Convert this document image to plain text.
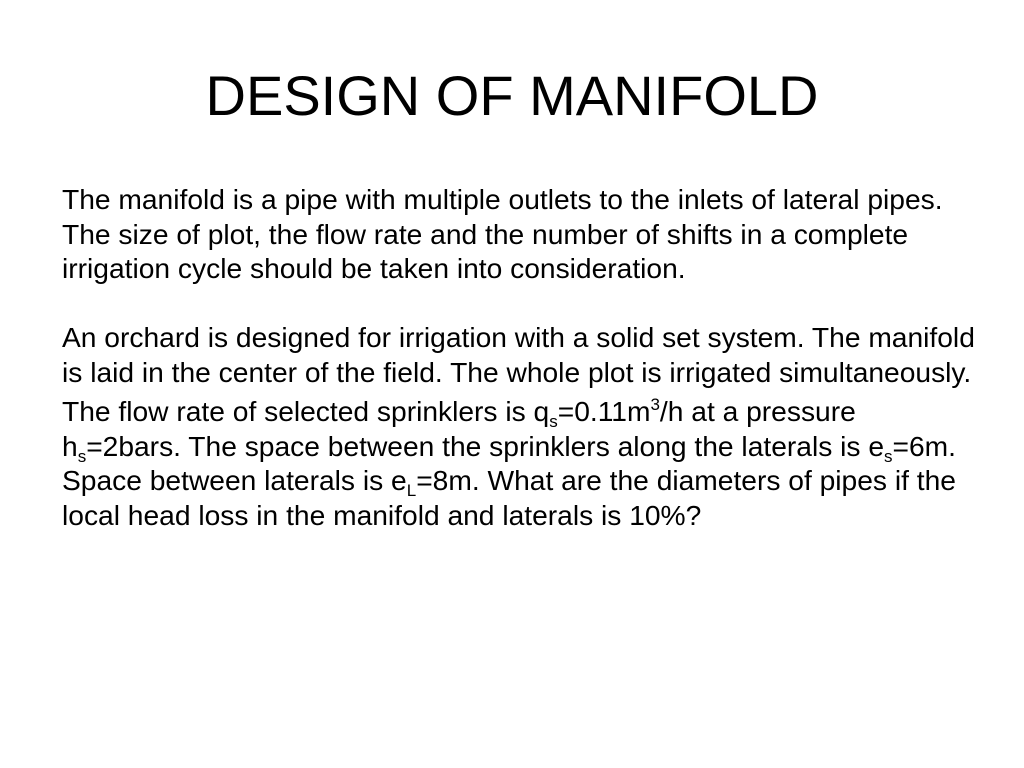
DESIGN OF MANIFOLD

The manifold is a pipe with multiple outlets to the inlets of lateral pipes. The size of plot, the flow rate and the number of shifts in a complete irrigation cycle should be taken into consideration.

An orchard is designed for irrigation with a solid set system. The manifold is laid in the center of the field. The whole plot is irrigated simultaneously.

The flow rate of selected sprinklers is $q_s=0.11m^3/h$ at a pressure $h_s=2bars$. The space between the sprinklers along the laterals is $e_s=6m$. Space between laterals is $e_L=8m$. What are the diameters of pipes if the local head loss in the manifold and laterals is 10%?
